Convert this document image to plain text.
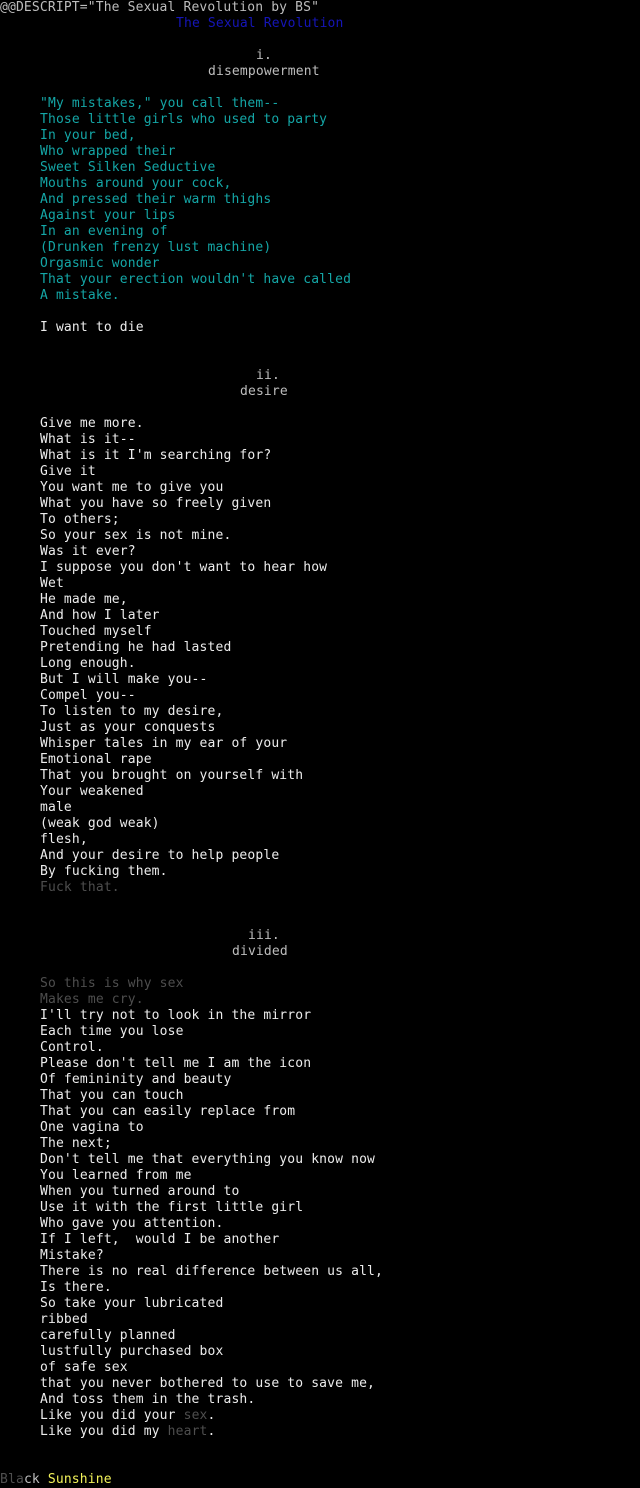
@@DESCRIPT="The Sexual Revolution by BS"
The Sexual Revolution
i.
disempowerment
"My mistakes," you call them--
Those little girls who used to party
In your bed,
Who wrapped their
Sweet Silken Seductive
Mouths around your cock,
And pressed their warm thighs
Against your lips
In an evening of
(Drunken frenzy lust machine)
Orgasmic wonder
That your erection wouldn't have called
A mistake.
I want to die
ii.
desire
Give me more.
What is it--
What is it I'm searching for?
Give it
You want me to give you
What you have so freely given
To others;
So your sex is not mine.
Was it ever?
I suppose you don't want to hear how
Wet
He made me,
And how I later
Touched myself
Pretending he had lasted
Long enough.
But I will make you--
Compel you--
To listen to my desire,
Just as your conquests
Whisper tales in my ear of your
Emotional rape
That you brought on yourself with
Your weakened
male
(weak god weak)
flesh,
And your desire to help people
By fucking them.
Fuck that.
iii.
divided
So this is why sex
Makes me cry.
I'll try not to look in the mirror
Each time you lose
Control.
Please don't tell me I am the icon
Of femininity and beauty
That you can touch
That you can easily replace from
One vagina to
The next;
Don't tell me that everything you know now
You learned from me
When you turned around to
Use it with the first little girl
Who gave you attention.
If I left,  would I be another
Mistake?
There is no real difference between us all,
Is there.
So take your lubricated
ribbed
carefully planned
lustfully purchased box
of safe sex
that you never bothered to use to save me,
And toss them in the trash.
Like you did your sex.
Like you did my heart.
Black Sunshine
